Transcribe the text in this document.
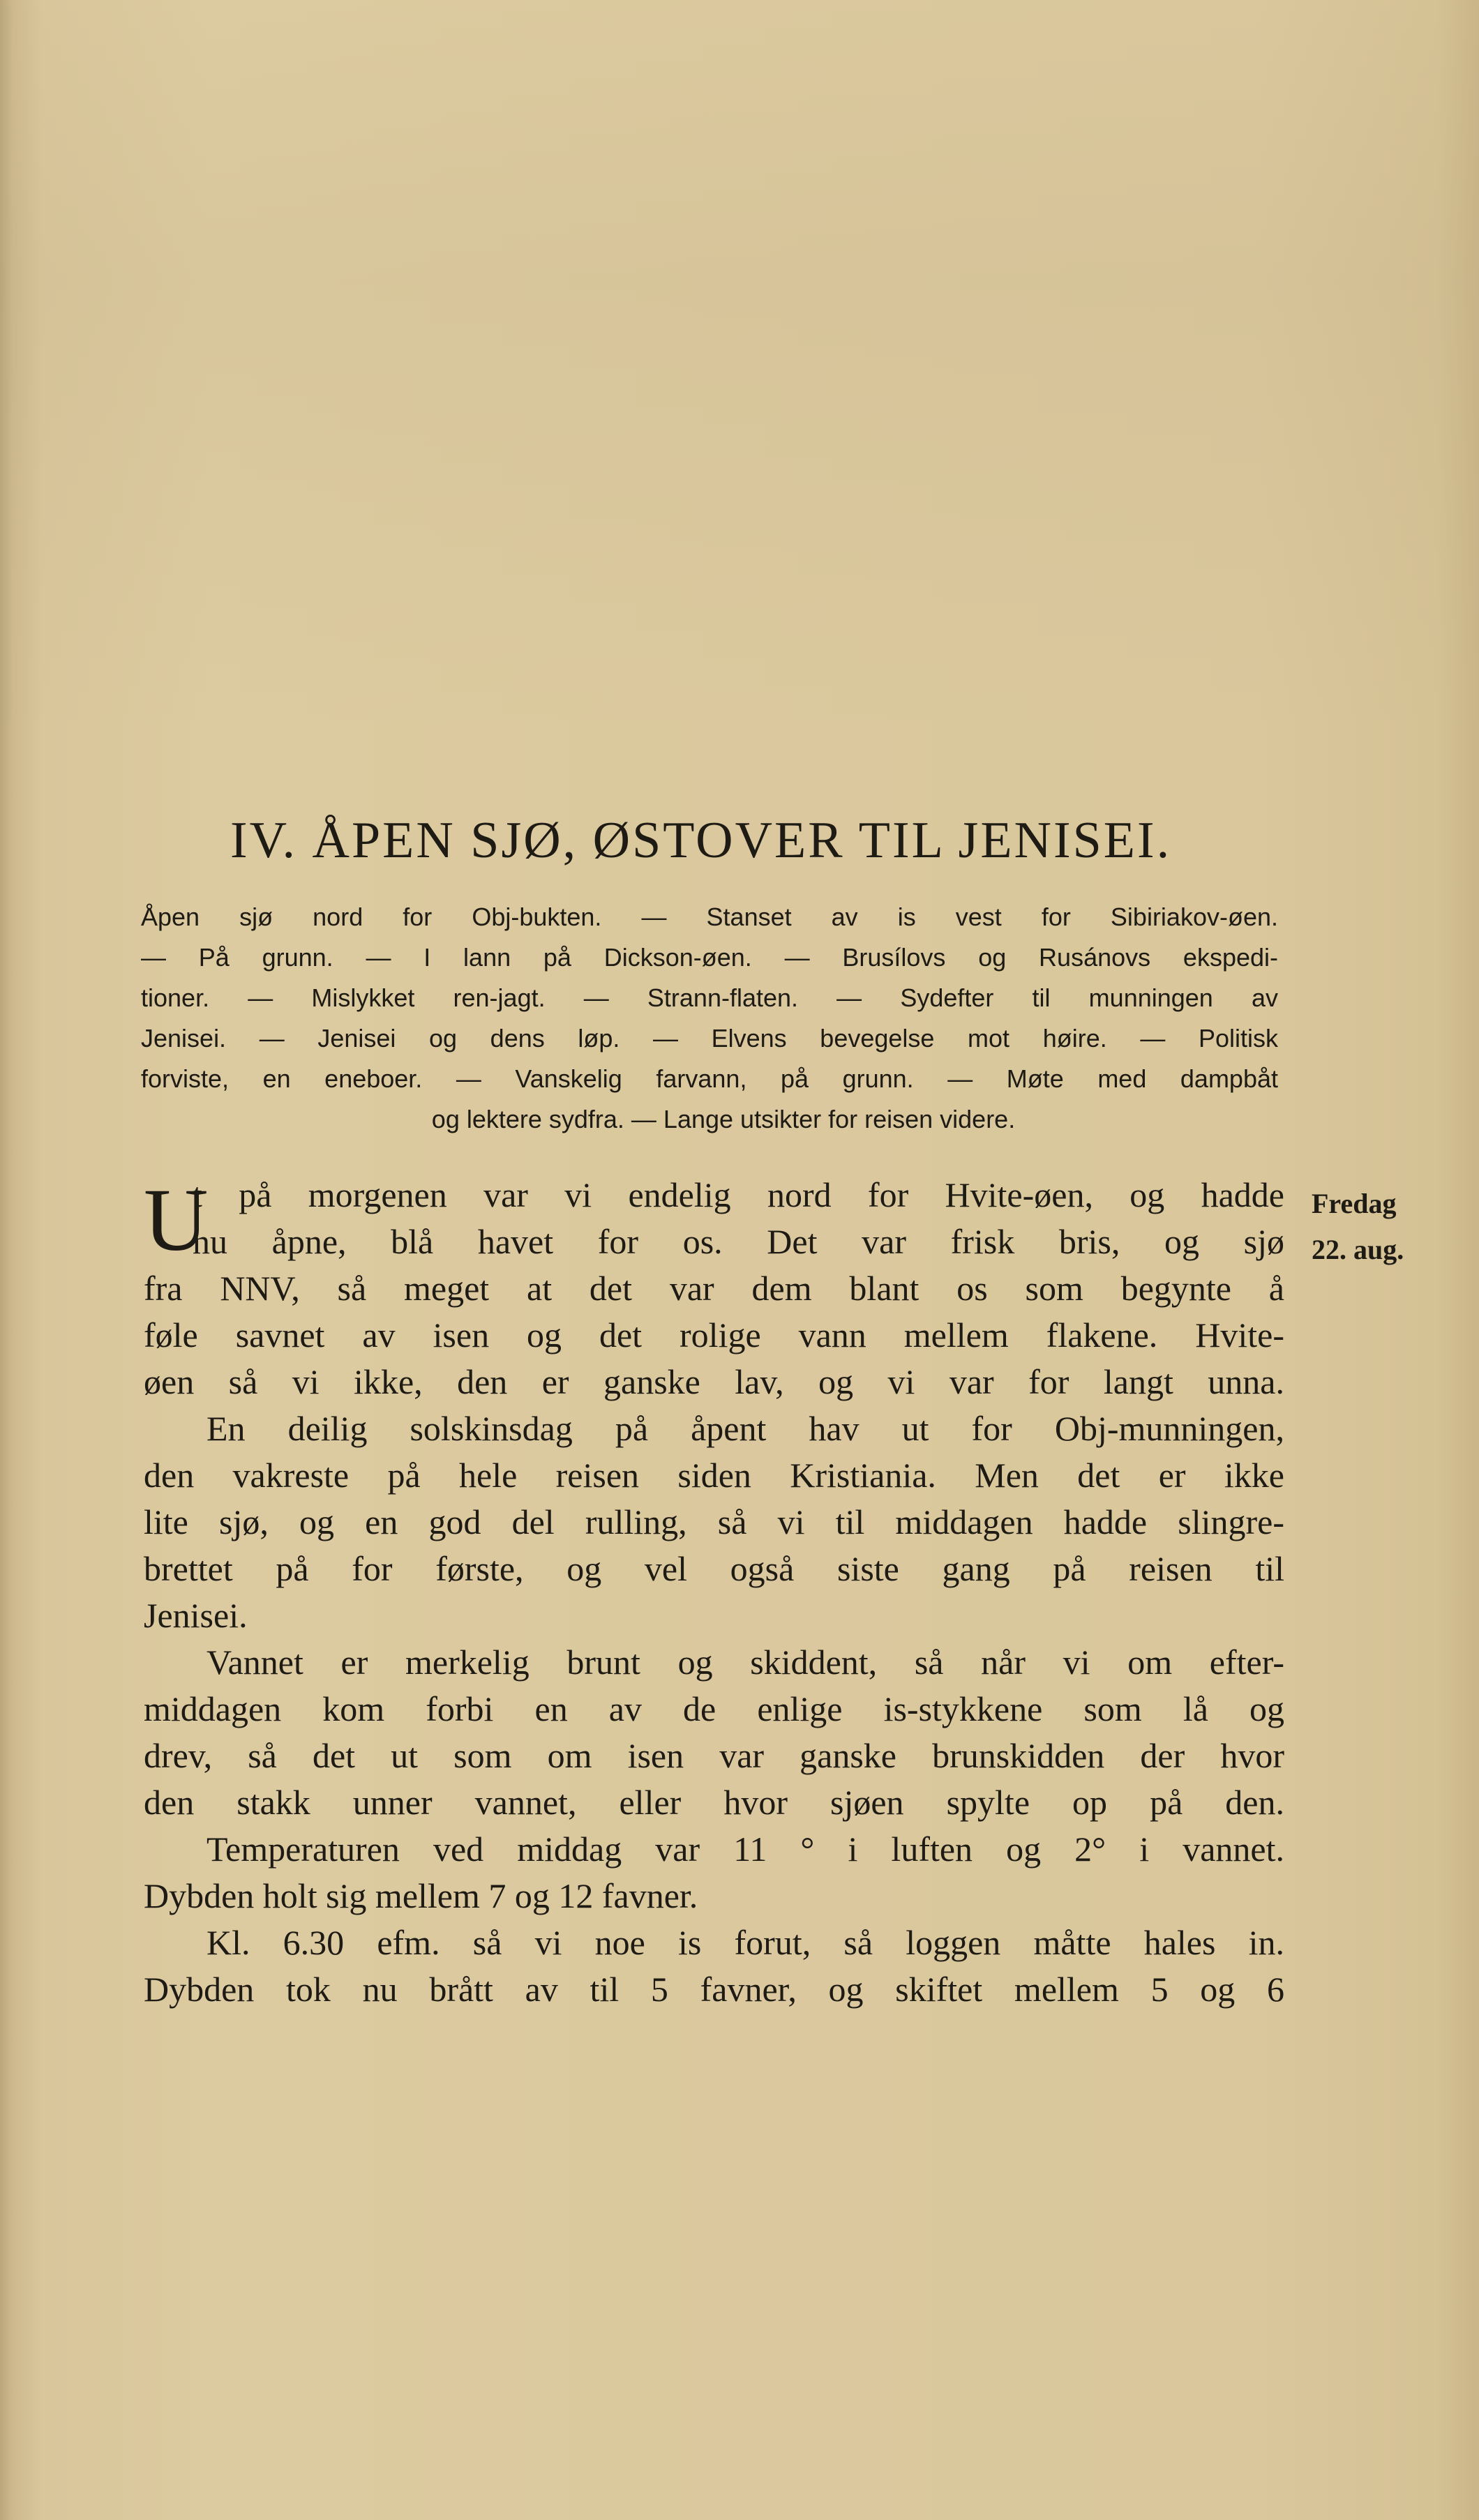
IV. ÅPEN SJØ, ØSTOVER TIL JENISEI.
Åpen sjø nord for Obj-bukten. — Stanset av is vest for Sibiriakov-øen.
— På grunn. — I lann på Dickson-øen. — Brusílovs og Rusánovs ekspedi-
tioner. — Mislykket ren-jagt. — Strann-flaten. — Sydefter til munningen av
Jenisei. — Jenisei og dens løp. — Elvens bevegelse mot høire. — Politisk
forviste, en eneboer. — Vanskelig farvann, på grunn. — Møte med dampbåt
og lektere sydfra. — Lange utsikter for reisen videre.
U
t på morgenen var vi endelig nord for Hvite-øen, og hadde
nu åpne, blå havet for os. Det var frisk bris, og sjø
fra NNV, så meget at det var dem blant os som begynte å
føle savnet av isen og det rolige vann mellem flakene. Hvite-
øen så vi ikke, den er ganske lav, og vi var for langt unna.
En deilig solskinsdag på åpent hav ut for Obj-munningen,
den vakreste på hele reisen siden Kristiania. Men det er ikke
lite sjø, og en god del rulling, så vi til middagen hadde slingre-
brettet på for første, og vel også siste gang på reisen til
Jenisei.
Vannet er merkelig brunt og skiddent, så når vi om efter-
middagen kom forbi en av de enlige is-stykkene som lå og
drev, så det ut som om isen var ganske brunskidden der hvor
den stakk unner vannet, eller hvor sjøen spylte op på den.
Temperaturen ved middag var 11 ° i luften og 2° i vannet.
Dybden holt sig mellem 7 og 12 favner.
Kl. 6.30 efm. så vi noe is forut, så loggen måtte hales in.
Dybden tok nu brått av til 5 favner, og skiftet mellem 5 og 6
Fredag
22. aug.
